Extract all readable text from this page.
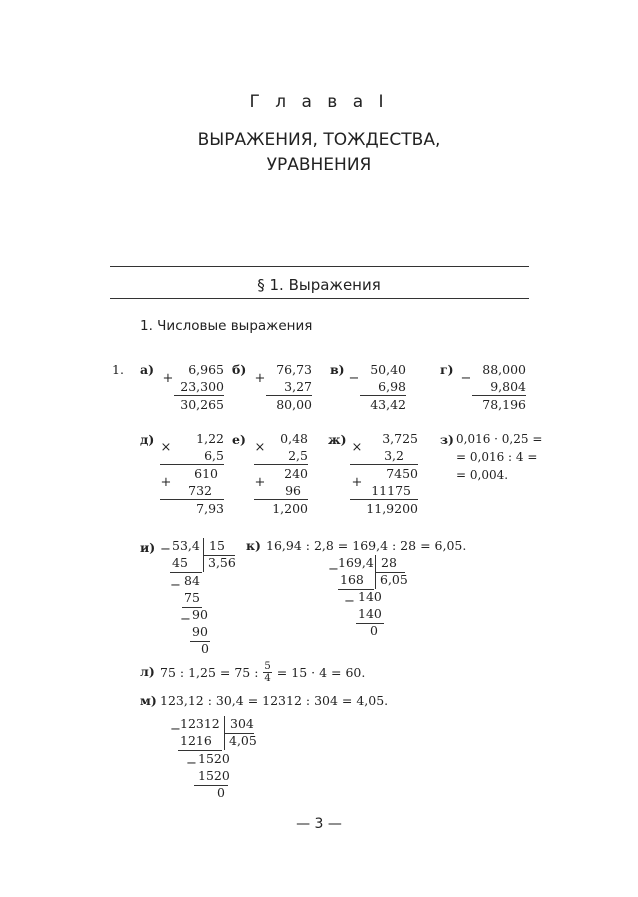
Г л а в а I
ВЫРАЖЕНИЯ, ТОЖДЕСТВА,
УРАВНЕНИЯ
§ 1. Выражения
1. Числовые выражения
1. а)
+
6,965
23,300
30,265
б)
+
76,73
3,27
80,00
в)
−
50,40
6,98
43,42
г)
−
88,000
9,804
78,196
д) ×
1,22
6,5
+
610
732
7,93
е) ×
0,48
2,5
+
240
96
1,200
ж) ×
3,725
3,2
+
7450
11175
11,9200
з) 0,016 · 0,25 =
= 0,016 : 4 =
= 0,004.
и) − 53,4 15
3,56
45
− 84
75
− 90
90
0
к) 16,94 : 2,8 = 169,4 : 28 = 6,05.
− 169,4 28
6,05
168
− 140
140
0
л) 75 : 1,25 = 75 : $\frac{5}{4} = 15 \cdot 4 = 60$.
м) 123,12 : 30,4 = 12312 : 304 = 4,05.
− 12312 304
4,05
1216
− 1520
1520
0
— 3 —
